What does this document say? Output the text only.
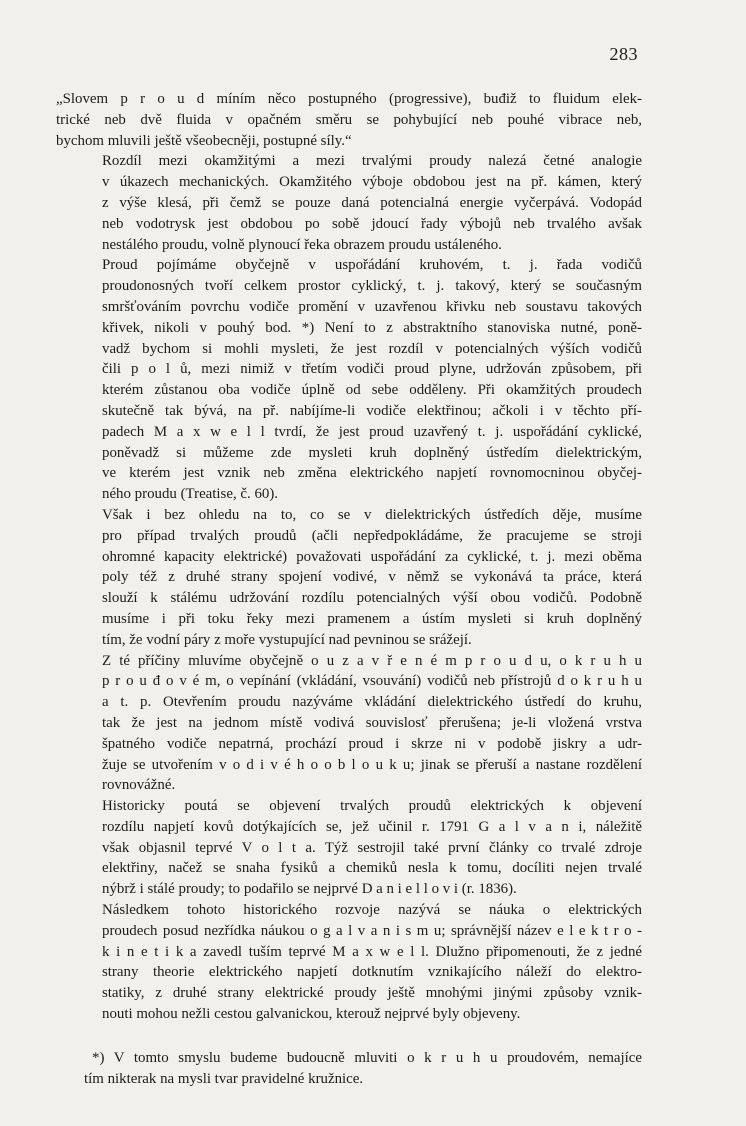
283

„Slovem p r o u d míním něco postupného (progressive), buđiž to fluidum elek-
trické neb dvě fluida v opačném směru se pohybující neb pouhé vibrace neb,
bychom mluvili ještě všeobecněji, postupné síly.“

Rozdíl mezi okamžitými a mezi trvalými proudy nalezá četné analogie
v úkazech mechanických. Okamžitého výboje obdobou jest na př. kámen, který
z výše klesá, při čemž se pouze daná potencialná energie vyčerpává. Vodopád
neb vodotrysk jest obdobou po sobě jdoucí řady výbojů neb trvalého avšak
nestálého proudu, volně plynoucí řeka obrazem proudu ustáleného.

Proud pojímáme obyčejně v uspořádání kruhovém, t. j. řada vodičů
proudonosných tvoří celkem prostor cyklický, t. j. takový, který se současným
smršťováním povrchu vodiče promění v uzavřenou křivku neb soustavu takových
křivek, nikoli v pouhý bod. *) Není to z abstraktního stanoviska nutné, poně-
vadž bychom si mohli mysleti, že jest rozdíl v potencialných výších vodičů
čili p o l ů, mezi nimiž v třetím vodiči proud plyne, udržován způsobem, při
kterém zůstanou oba vodiče úplně od sebe odděleny. Při okamžitých proudech
skutečně tak bývá, na př. nabíjíme-li vodiče elektřinou; ačkoli i v těchto pří-
padech M a x w e l l tvrdí, že jest proud uzavřený t. j. uspořádání cyklické,
poněvadž si můžeme zde mysleti kruh doplněný ústředím dielektrickým,
ve kterém jest vznik neb změna elektrického napjetí rovnomocninou obyčej-
ného proudu (Treatise, č. 60).

Však i bez ohledu na to, co se v dielektrických ústředích děje, musíme
pro případ trvalých proudů (ačli nepředpokládáme, že pracujeme se stroji
ohromné kapacity elektrické) považovati uspořádání za cyklické, t. j. mezi oběma
poly též z druhé strany spojení vodivé, v němž se vykonává ta práce, která
slouží k stálému udržování rozdílu potencialných výší obou vodičů. Podobně
musíme i při toku řeky mezi pramenem a ústím mysleti si kruh doplněný
tím, že vodní páry z moře vystupující nad pevninou se srážejí.

Z té příčiny mluvíme obyčejně o u z a v ř e n é m p r o u d u, o k r u h u
p r o u đ o v é m, o vepínání (vkládání, vsouvání) vodičů neb přístrojů d o k r u h u
a t. p. Otevřením proudu nazýváme vkládání dielektrického ústředí do kruhu,
tak že jest na jednom místě vodivá souvislosť přerušena; je-li vložená vrstva
špatného vodiče nepatrná, prochází proud i skrze ni v podobě jiskry a udr-
žuje se utvořením v o d i v é h o o b l o u k u; jinak se přeruší a nastane rozdělení
rovnovážné.

Historicky poutá se objevení trvalých proudů elektrických k objevení
rozdílu napjetí kovů dotýkajících se, jež učinil r. 1791 G a l v a n i, náležitě
však objasnil teprvé V o l t a. Týž sestrojil také první články co trvalé zdroje
elektřiny, načež se snaha fysiků a chemiků nesla k tomu, docíliti nejen trvalé
nýbrž i stálé proudy; to podařilo se nejprvé D a n i e l l o v i (r. 1836).

Následkem tohoto historického rozvoje nazývá se náuka o elektrických
proudech posud nezřídka náukou o g a l v a n i s m u; správnější název e l e k t r o -
k i n e t i k a zavedl tuším teprvé M a x w e l l. Dlužno připomenouti, že z jedné
strany theorie elektrického napjetí dotknutím vznikajícího náleží do elektro-
statiky, z druhé strany elektrické proudy ještě mnohými jinými způsoby vznik-
nouti mohou nežli cestou galvanickou, kterouž nejprvé byly objeveny.

*) V tomto smyslu budeme budoucně mluviti o k r u h u proudovém, nemajíce
tím nikterak na mysli tvar pravidelné kružnice.
